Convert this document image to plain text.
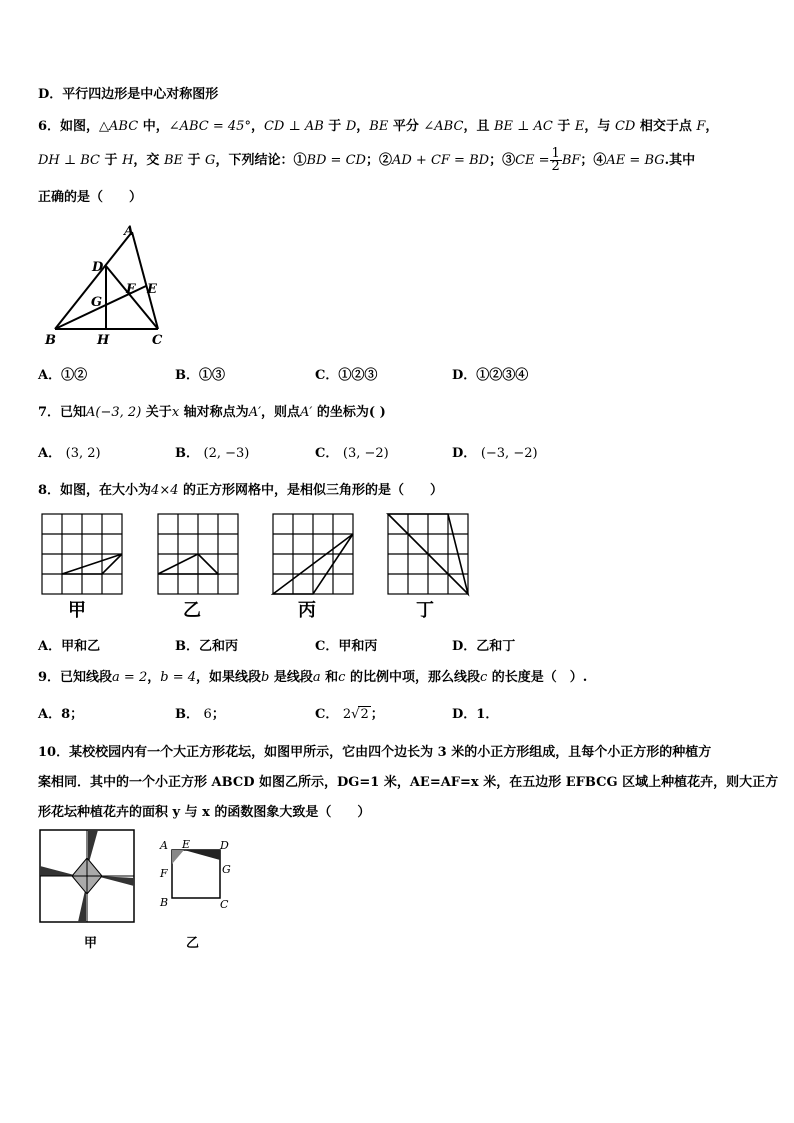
D．平行四边形是中心对称图形
6．如图，△ABC 中，∠ABC = 45°，CD ⊥ AB 于 D，BE 平分 ∠ABC，且 BE ⊥ AC 于 E，与 CD 相交于点 F，
DH ⊥ BC 于 H，交 BE 于 G，下列结论：①BD = CD；②AD + CF = BD；③CE = $\frac{1}{2}$ BF；④AE = BG.其中
正确的是（　　）
A
D
G
F E
B	H	C
A．①②	B．①③	C．①②③	D．①②③④
7．已知A(−3, 2) 关于x 轴对称点为A′，则点A′ 的坐标为( )
A． (3, 2)	B． (2, −3)	C． (3, −2)	D． (−3, −2)
8．如图，在大小为4×4 的正方形网格中，是相似三角形的是（　　）
甲	乙	丙	丁
A．甲和乙	B．乙和丙	C．甲和丙	D．乙和丁
9．已知线段a = 2，b = 4，如果线段b 是线段a 和c 的比例中项，那么线段c 的长度是（　）.
A．8；	B． 6；	C． 2√2 ；	D．1．
10．某校校园内有一个大正方形花坛，如图甲所示，它由四个边长为 3 米的小正方形组成，且每个小正方形的种植方
案相同．其中的一个小正方形 ABCD 如图乙所示，DG=1 米，AE=AF=x 米，在五边形 EFBCG 区域上种植花卉，则大正方
形花坛种植花卉的面积 y 与 x 的函数图象大致是（　　）
甲
A E	D
F	G
B	C
乙
